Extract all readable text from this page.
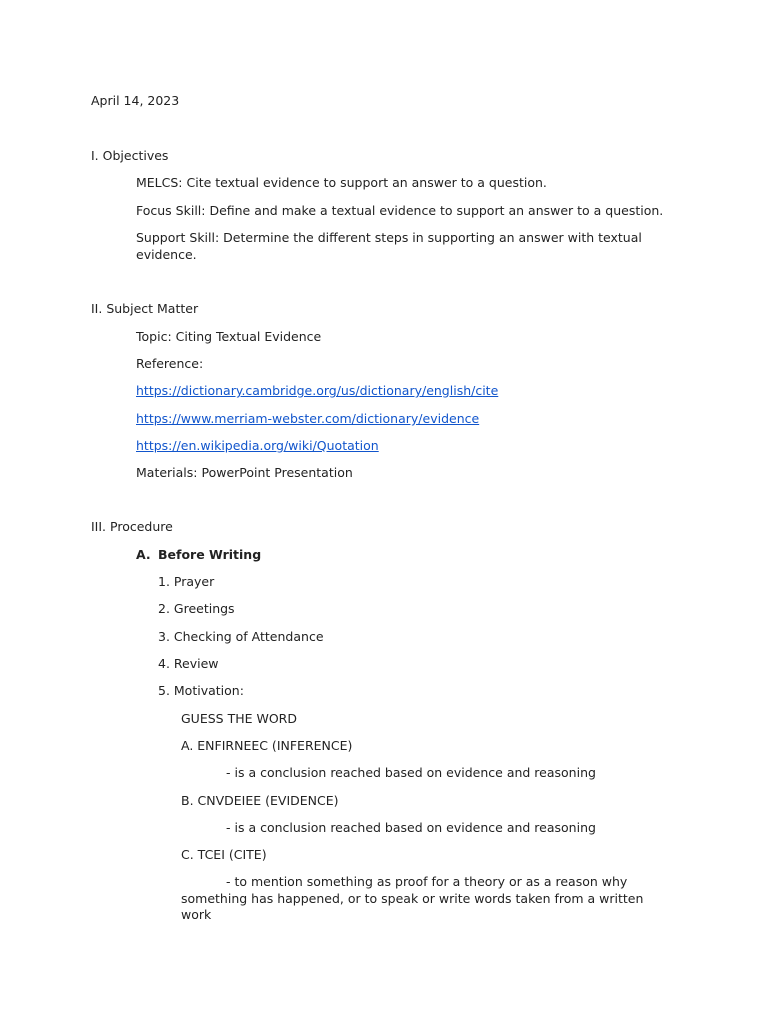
April 14, 2023
I. Objectives
MELCS: Cite textual evidence to support an answer to a question.
Focus Skill: Define and make a textual evidence to support an answer to a question.
Support Skill: Determine the different steps in supporting an answer with textual evidence.
II. Subject Matter
Topic: Citing Textual Evidence
Reference:
https://dictionary.cambridge.org/us/dictionary/english/cite
https://www.merriam-webster.com/dictionary/evidence
https://en.wikipedia.org/wiki/Quotation
Materials: PowerPoint Presentation
III. Procedure
A. Before Writing
1. Prayer
2. Greetings
3. Checking of Attendance
4. Review
5. Motivation:
GUESS THE WORD
A. ENFIRNEEC (INFERENCE)
- is a conclusion reached based on evidence and reasoning
B. CNVDEIEE (EVIDENCE)
- is a conclusion reached based on evidence and reasoning
C. TCEI (CITE)
- to mention something as proof for a theory or as a reason why something has happened, or to speak or write words taken from a written work
